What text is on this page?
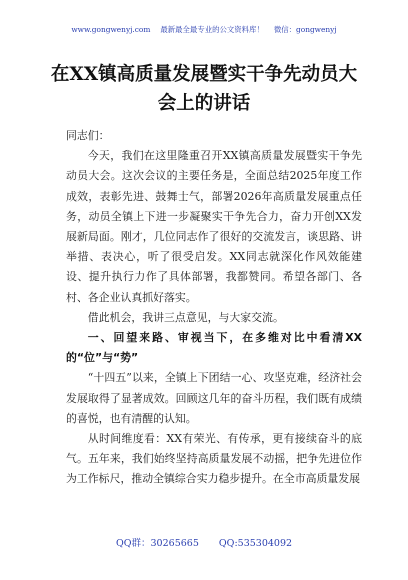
www.gongwenyj.com 最新最全最专业的公文资料库！ 微信：gongwenyj
在XX镇高质量发展暨实干争先动员大会上的讲话

同志们：

今天，我们在这里隆重召开XX镇高质量发展暨实干争先动员大会。这次会议的主要任务是，全面总结2025年度工作成效，表彰先进、鼓舞士气，部署2026年高质量发展重点任务，动员全镇上下进一步凝聚实干争先合力，奋力开创XX发展新局面。刚才，几位同志作了很好的交流发言，谈思路、讲举措、表决心，听了很受启发。XX同志就深化作风效能建设、提升执行力作了具体部署，我都赞同。希望各部门、各村、各企业认真抓好落实。

借此机会，我讲三点意见，与大家交流。

一、回望来路、审视当下，在多维对比中看清XX的“位”与“势”

“十四五”以来，全镇上下团结一心、攻坚克难，经济社会发展取得了显著成效。回顾这几年的奋斗历程，我们既有成绩的喜悦，也有清醒的认知。

从时间维度看：XX有荣光、有传承，更有接续奋斗的底气。五年来，我们始终坚持高质量发展不动摇，把争先进位作为工作标尺，推动全镇综合实力稳步提升。在全市高质量发展

QQ群：30265665 QQ:535304092
